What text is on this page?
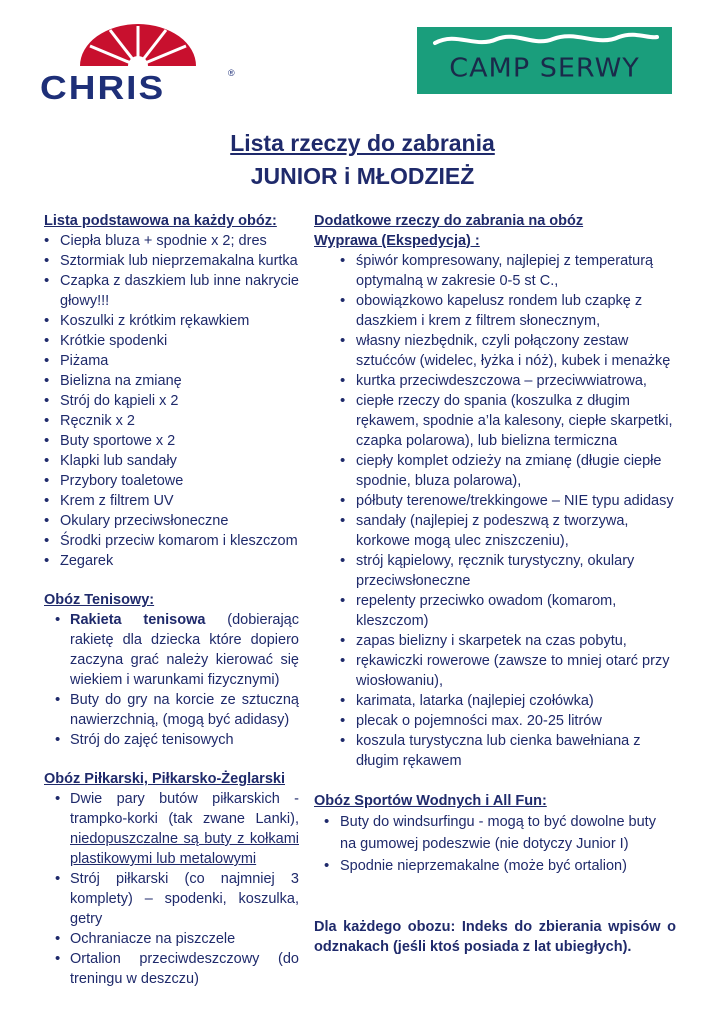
CHRIS	®	CAMP SERWY
Lista rzeczy do zabrania
JUNIOR i MŁODZIEŻ
Lista podstawowa na każdy obóz:
• Ciepła bluza + spodnie x 2; dres
• Sztormiak lub nieprzemakalna kurtka
• Czapka z daszkiem lub inne nakrycie głowy!!!
• Koszulki z krótkim rękawkiem
• Krótkie spodenki
• Piżama
• Bielizna na zmianę
• Strój do kąpieli x 2
• Ręcznik x 2
• Buty sportowe x 2
• Klapki lub sandały
• Przybory toaletowe
• Krem z filtrem UV
• Okulary przeciwsłoneczne
• Środki przeciw komarom i kleszczom
• Zegarek
Obóz Tenisowy:
• Rakieta tenisowa (dobierając rakietę dla dziecka które dopiero zaczyna grać należy kierować się wiekiem i warunkami fizycznymi)
• Buty do gry na korcie ze sztuczną nawierzchnią, (mogą być adidasy)
• Strój do zajęć tenisowych
Obóz Piłkarski, Piłkarsko-Żeglarski
• Dwie pary butów piłkarskich - trampko-korki (tak zwane Lanki), niedopuszczalne są buty z kołkami plastikowymi lub metalowymi
• Strój piłkarski (co najmniej 3 komplety) – spodenki, koszulka, getry
• Ochraniacze na piszczele
• Ortalion przeciwdeszczowy (do treningu w deszczu)
Dodatkowe rzeczy do zabrania na obóz
Wyprawa (Ekspedycja) :
• śpiwór kompresowany, najlepiej z temperaturą optymalną w zakresie 0-5 st C.,
• obowiązkowo kapelusz rondem lub czapkę z daszkiem i krem z filtrem słonecznym,
• własny niezbędnik, czyli połączony zestaw sztućców (widelec, łyżka i nóż), kubek i menażkę
• kurtka przeciwdeszczowa – przeciwwiatrowa,
• ciepłe rzeczy do spania (koszulka z długim rękawem, spodnie a’la kalesony, ciepłe skarpetki, czapka polarowa), lub bielizna termiczna
• ciepły komplet odzieży na zmianę (długie ciepłe spodnie, bluza polarowa),
• półbuty terenowe/trekkingowe – NIE typu adidasy
• sandały (najlepiej z podeszwą z tworzywa, korkowe mogą ulec zniszczeniu),
• strój kąpielowy, ręcznik turystyczny, okulary przeciwsłoneczne
• repelenty przeciwko owadom (komarom, kleszczom)
• zapas bielizny i skarpetek na czas pobytu,
• rękawiczki rowerowe (zawsze to mniej otarć przy wiosłowaniu),
• karimata, latarka (najlepiej czołówka)
• plecak o pojemności max. 20-25 litrów
• koszula turystyczna lub cienka bawełniana z długim rękawem
Obóz Sportów Wodnych i All Fun:
• Buty do windsurfingu - mogą to być dowolne buty na gumowej podeszwie (nie dotyczy Junior I)
• Spodnie nieprzemakalne (może być ortalion)
Dla każdego obozu: Indeks do zbierania wpisów o odznakach (jeśli ktoś posiada z lat ubiegłych).
